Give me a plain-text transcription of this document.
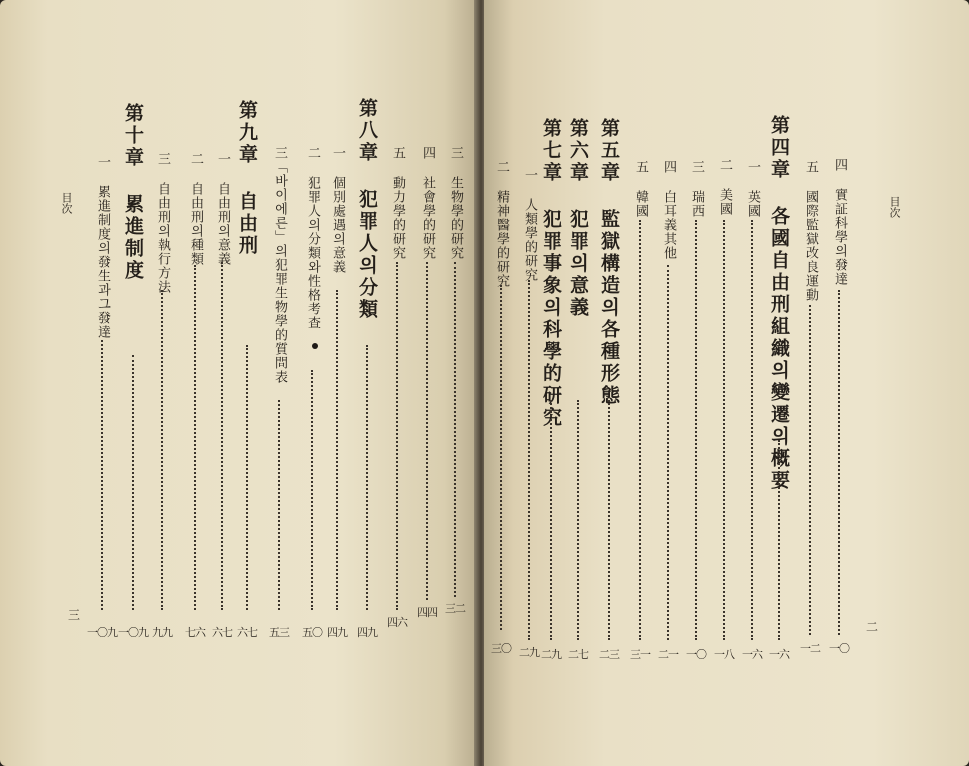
目次
三
一 累進制度의發生과그發達
一〇九
第十章 累進制度
一〇九
三 自由刑의執行方法
九九
二 自由刑의種類
七六
一 自由刑의意義
六七
第九章 自由刑
六七
三「바이에른」의犯罪生物學的質問表
五三
二 犯罪人의分類와性格考查
五〇
一 個別處遇의意義
四九
第八章 犯罪人의分類
四九
五 動力學的研究
四六
四 社會學的研究
四四
三 生物學的研究
三二
二 精神醫學的研究
三〇
一 人類學的研究
二九
第七章 犯罪事象의科學的研究
二九
第六章 犯罪의意義
二七
第五章 監獄構造의各種形態
二三
五 韓國
三一
四 白耳義其他
二一
三 瑞西
一〇
二 美國
一八
一 英國
一六
第四章 各國自由刑組織의變遷의概要
一六
五 國際監獄改良運動
一二
四 實証科學의發達
一〇
目次
二
